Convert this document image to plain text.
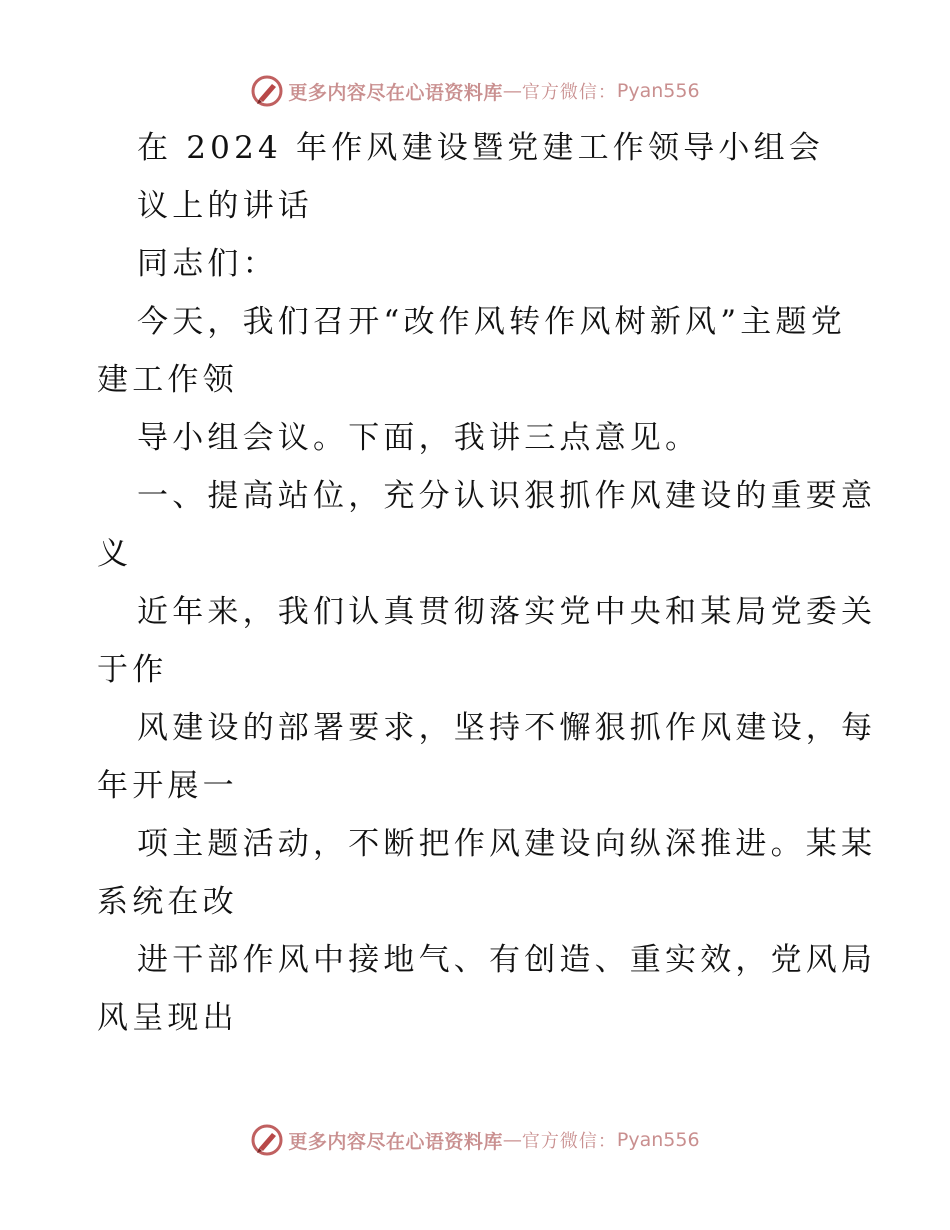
更多内容尽在心语资料库 — 官方微信： Pyan556
在 2024 年作风建设暨党建工作领导小组会
议上的讲话
同志们：
今天，我们召开“改作风转作风树新风”主题党
建工作领
导小组会议。下面，我讲三点意见。
一、提高站位，充分认识狠抓作风建设的重要意
义
近年来，我们认真贯彻落实党中央和某局党委关
于作
风建设的部署要求，坚持不懈狠抓作风建设，每
年开展一
项主题活动，不断把作风建设向纵深推进。某某
系统在改
进干部作风中接地气、有创造、重实效，党风局
风呈现出
更多内容尽在心语资料库 — 官方微信： Pyan556
